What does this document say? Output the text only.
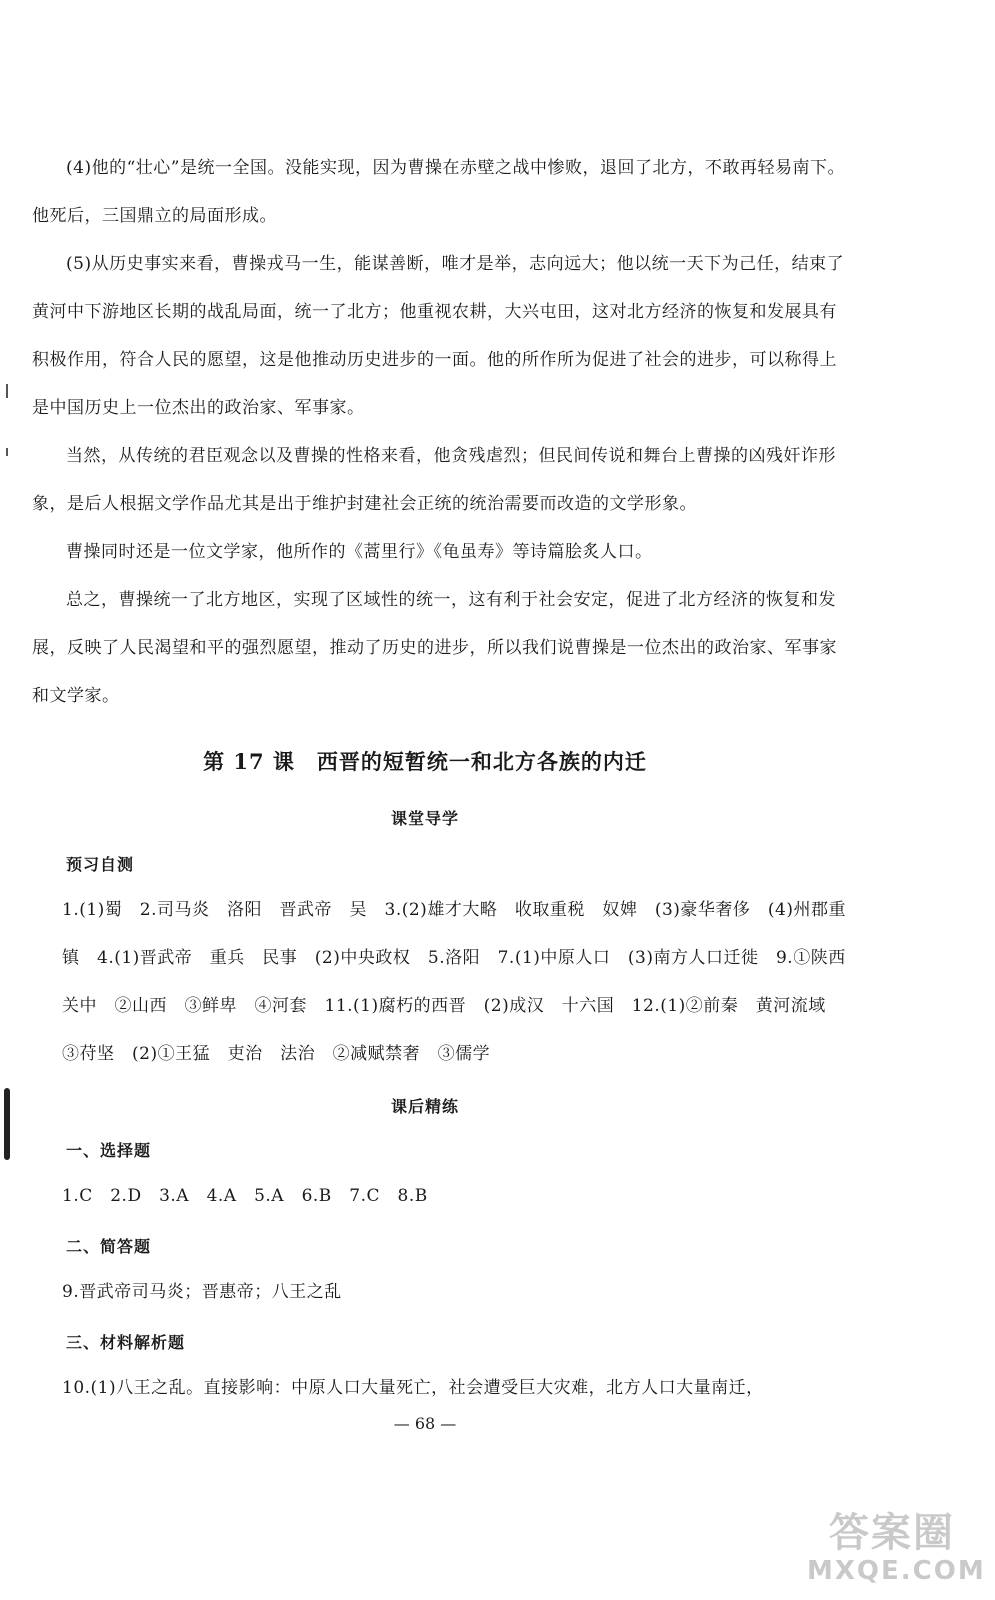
(4)他的“壮心”是统一全国。没能实现，因为曹操在赤壁之战中惨败，退回了北方，不敢再轻易南下。他死后，三国鼎立的局面形成。

(5)从历史事实来看，曹操戎马一生，能谋善断，唯才是举，志向远大；他以统一天下为己任，结束了黄河中下游地区长期的战乱局面，统一了北方；他重视农耕，大兴屯田，这对北方经济的恢复和发展具有积极作用，符合人民的愿望，这是他推动历史进步的一面。他的所作所为促进了社会的进步，可以称得上是中国历史上一位杰出的政治家、军事家。

当然，从传统的君臣观念以及曹操的性格来看，他贪残虐烈；但民间传说和舞台上曹操的凶残奸诈形象，是后人根据文学作品尤其是出于维护封建社会正统的统治需要而改造的文学形象。

曹操同时还是一位文学家，他所作的《蒿里行》《龟虽寿》等诗篇脍炙人口。

总之，曹操统一了北方地区，实现了区域性的统一，这有利于社会安定，促进了北方经济的恢复和发展，反映了人民渴望和平的强烈愿望，推动了历史的进步，所以我们说曹操是一位杰出的政治家、军事家和文学家。

第 17 课　西晋的短暂统一和北方各族的内迁
课堂导学
预习自测
1.(1)蜀　2.司马炎　洛阳　晋武帝　吴　3.(2)雄才大略　收取重税　奴婢　(3)豪华奢侈　(4)州郡重镇　4.(1)晋武帝　重兵　民事　(2)中央政权　5.洛阳　7.(1)中原人口　(3)南方人口迁徙　9.①陕西关中　②山西　③鲜卑　④河套　11.(1)腐朽的西晋　(2)成汉　十六国　12.(1)②前秦　黄河流域　③苻坚　(2)①王猛　吏治　法治　②减赋禁奢　③儒学
课后精练
一、选择题
1.C　2.D　3.A　4.A　5.A　6.B　7.C　8.B
二、简答题
9.晋武帝司马炎；晋惠帝；八王之乱
三、材料解析题
10.(1)八王之乱。直接影响：中原人口大量死亡，社会遭受巨大灾难，北方人口大量南迁，
— 68 —
答案圈
MXQE.COM
